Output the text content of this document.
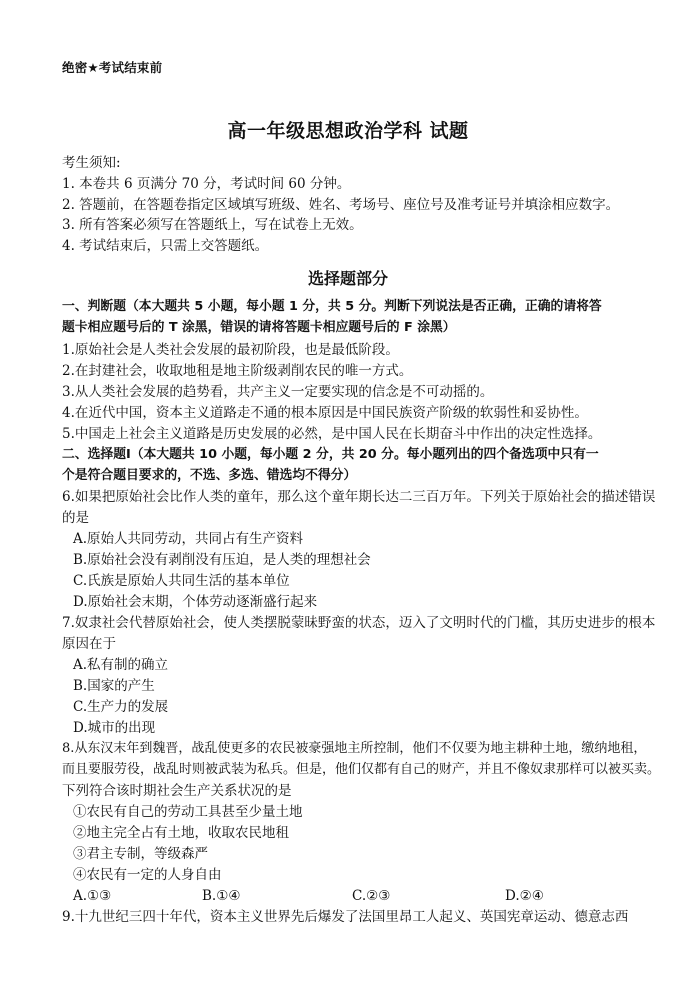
绝密★考试结束前
高一年级思想政治学科 试题
考生须知:
1. 本卷共 6 页满分 70 分，考试时间 60 分钟。
2. 答题前，在答题卷指定区域填写班级、姓名、考场号、座位号及准考证号并填涂相应数字。
3. 所有答案必须写在答题纸上，写在试卷上无效。
4. 考试结束后，只需上交答题纸。
选择题部分
一、判断题（本大题共 5 小题，每小题 1 分，共 5 分。判断下列说法是否正确，正确的请将答
题卡相应题号后的 T 涂黑，错误的请将答题卡相应题号后的 F 涂黑）
1.原始社会是人类社会发展的最初阶段，也是最低阶段。
2.在封建社会，收取地租是地主阶级剥削农民的唯一方式。
3.从人类社会发展的趋势看，共产主义一定要实现的信念是不可动摇的。
4.在近代中国，资本主义道路走不通的根本原因是中国民族资产阶级的软弱性和妥协性。
5.中国走上社会主义道路是历史发展的必然，是中国人民在长期奋斗中作出的决定性选择。
二、选择题Ⅰ（本大题共 10 小题，每小题 2 分，共 20 分。每小题列出的四个备选项中只有一
个是符合题目要求的，不选、多选、错选均不得分）
6.如果把原始社会比作人类的童年，那么这个童年期长达二三百万年。下列关于原始社会的描述错误
的是
A.原始人共同劳动，共同占有生产资料
B.原始社会没有剥削没有压迫，是人类的理想社会
C.氏族是原始人共同生活的基本单位
D.原始社会末期，个体劳动逐渐盛行起来
7.奴隶社会代替原始社会，使人类摆脱蒙昧野蛮的状态，迈入了文明时代的门槛，其历史进步的根本
原因在于
A.私有制的确立
B.国家的产生
C.生产力的发展
D.城市的出现
8.从东汉末年到魏晋，战乱使更多的农民被豪强地主所控制，他们不仅要为地主耕种土地，缴纳地租，
而且要服劳役，战乱时则被武装为私兵。但是，他们仅都有自己的财产，并且不像奴隶那样可以被买卖。
下列符合该时期社会生产关系状况的是
①农民有自己的劳动工具甚至少量土地
②地主完全占有土地，收取农民地租
③君主专制，等级森严
④农民有一定的人身自由
A.①③	B.①④	C.②③	D.②④
9.十九世纪三四十年代，资本主义世界先后爆发了法国里昂工人起义、英国宪章运动、德意志西
